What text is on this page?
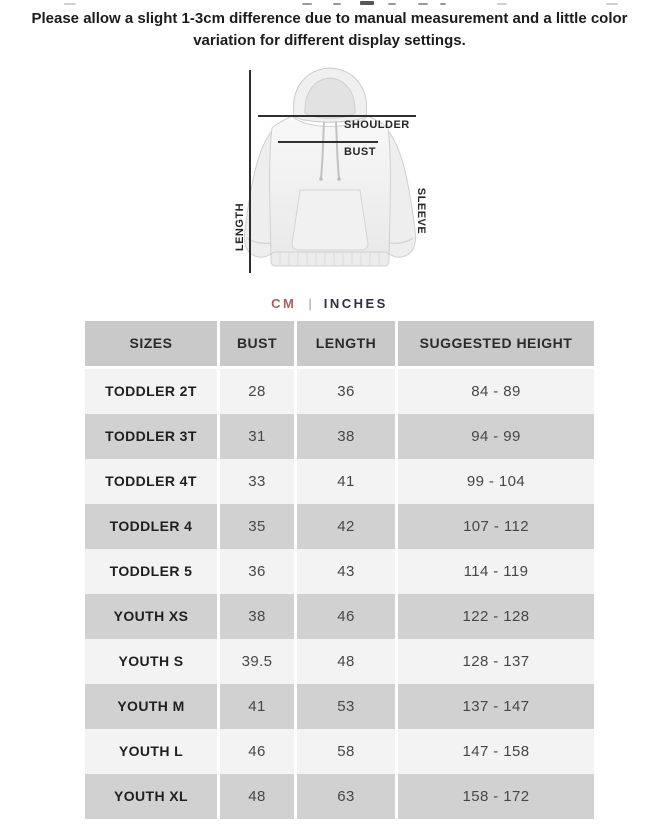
Please allow a slight 1-3cm difference due to manual measurement and a little color variation for different display settings.

SHOULDER
BUST
LENGTH	SLEEVE
CM | INCHES
SIZES	BUST	LENGTH	SUGGESTED HEIGHT
TODDLER 2T	28	36	84 - 89
TODDLER 3T	31	38	94 - 99
TODDLER 4T	33	41	99 - 104
TODDLER 4	35	42	107 - 112
TODDLER 5	36	43	114 - 119
YOUTH XS	38	46	122 - 128
YOUTH S	39.5	48	128 - 137
YOUTH M	41	53	137 - 147
YOUTH L	46	58	147 - 158
YOUTH XL	48	63	158 - 172
